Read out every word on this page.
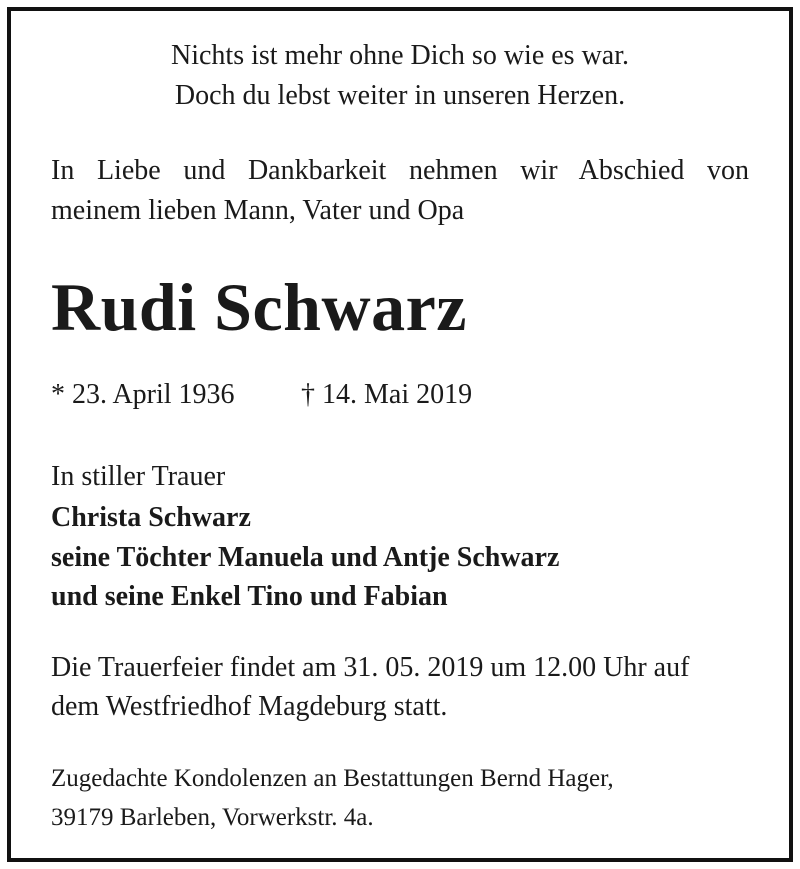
Nichts ist mehr ohne Dich so wie es war.
Doch du lebst weiter in unseren Herzen.
In Liebe und Dankbarkeit nehmen wir Abschied von
meinem lieben Mann, Vater und Opa
Rudi Schwarz
* 23. April 1936 † 14. Mai 2019
In stiller Trauer
Christa Schwarz
seine Töchter Manuela und Antje Schwarz
und seine Enkel Tino und Fabian
Die Trauerfeier findet am 31. 05. 2019 um 12.00 Uhr auf
dem Westfriedhof Magdeburg statt.
Zugedachte Kondolenzen an Bestattungen Bernd Hager,
39179 Barleben, Vorwerkstr. 4a.
